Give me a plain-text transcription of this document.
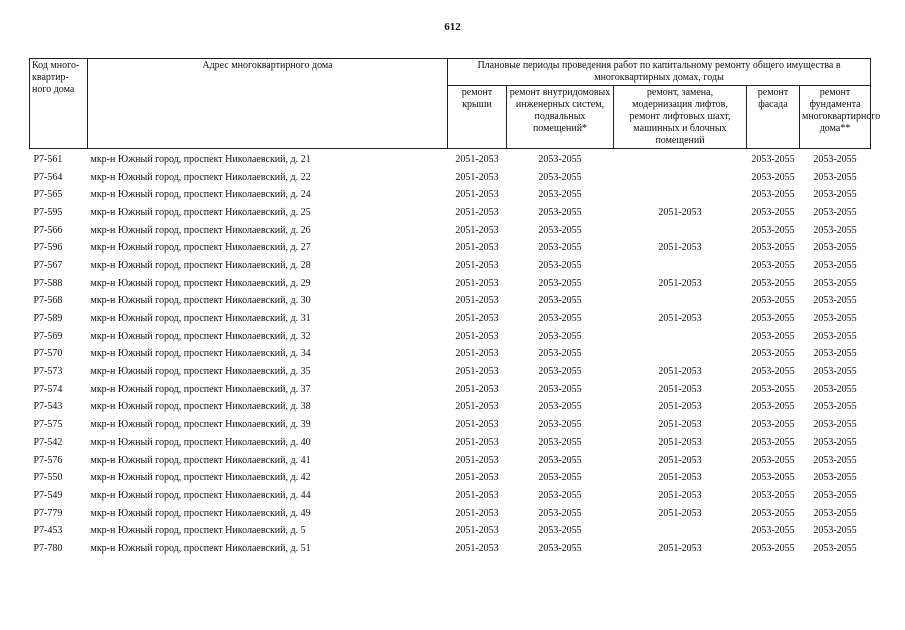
612
Код много-квартир-ного дома	Адрес многоквартирного дома	Плановые периоды проведения работ по капитальному ремонту общего имущества в многоквартирных домах, годы				
		ремонт крыши	ремонт внутридомовых инженерных систем, подвальных помещений*	ремонт, замена, модернизация лифтов, ремонт лифтовых шахт, машинных и блочных помещений	ремонт фасада	ремонт фундамента многоквартирного дома**
P7-561	мкр-н Южный город, проспект Николаевский, д. 21	2051-2053	2053-2055		2053-2055	2053-2055
P7-564	мкр-н Южный город, проспект Николаевский, д. 22	2051-2053	2053-2055		2053-2055	2053-2055
P7-565	мкр-н Южный город, проспект Николаевский, д. 24	2051-2053	2053-2055		2053-2055	2053-2055
P7-595	мкр-н Южный город, проспект Николаевский, д. 25	2051-2053	2053-2055	2051-2053	2053-2055	2053-2055
P7-566	мкр-н Южный город, проспект Николаевский, д. 26	2051-2053	2053-2055		2053-2055	2053-2055
P7-596	мкр-н Южный город, проспект Николаевский, д. 27	2051-2053	2053-2055	2051-2053	2053-2055	2053-2055
P7-567	мкр-н Южный город, проспект Николаевский, д. 28	2051-2053	2053-2055		2053-2055	2053-2055
P7-588	мкр-н Южный город, проспект Николаевский, д. 29	2051-2053	2053-2055	2051-2053	2053-2055	2053-2055
P7-568	мкр-н Южный город, проспект Николаевский, д. 30	2051-2053	2053-2055		2053-2055	2053-2055
P7-589	мкр-н Южный город, проспект Николаевский, д. 31	2051-2053	2053-2055	2051-2053	2053-2055	2053-2055
P7-569	мкр-н Южный город, проспект Николаевский, д. 32	2051-2053	2053-2055		2053-2055	2053-2055
P7-570	мкр-н Южный город, проспект Николаевский, д. 34	2051-2053	2053-2055		2053-2055	2053-2055
P7-573	мкр-н Южный город, проспект Николаевский, д. 35	2051-2053	2053-2055	2051-2053	2053-2055	2053-2055
P7-574	мкр-н Южный город, проспект Николаевский, д. 37	2051-2053	2053-2055	2051-2053	2053-2055	2053-2055
P7-543	мкр-н Южный город, проспект Николаевский, д. 38	2051-2053	2053-2055	2051-2053	2053-2055	2053-2055
P7-575	мкр-н Южный город, проспект Николаевский, д. 39	2051-2053	2053-2055	2051-2053	2053-2055	2053-2055
P7-542	мкр-н Южный город, проспект Николаевский, д. 40	2051-2053	2053-2055	2051-2053	2053-2055	2053-2055
P7-576	мкр-н Южный город, проспект Николаевский, д. 41	2051-2053	2053-2055	2051-2053	2053-2055	2053-2055
P7-550	мкр-н Южный город, проспект Николаевский, д. 42	2051-2053	2053-2055	2051-2053	2053-2055	2053-2055
P7-549	мкр-н Южный город, проспект Николаевский, д. 44	2051-2053	2053-2055	2051-2053	2053-2055	2053-2055
P7-779	мкр-н Южный город, проспект Николаевский, д. 49	2051-2053	2053-2055	2051-2053	2053-2055	2053-2055
P7-453	мкр-н Южный город, проспект Николаевский, д. 5	2051-2053	2053-2055		2053-2055	2053-2055
P7-780	мкр-н Южный город, проспект Николаевский, д. 51	2051-2053	2053-2055	2051-2053	2053-2055	2053-2055
